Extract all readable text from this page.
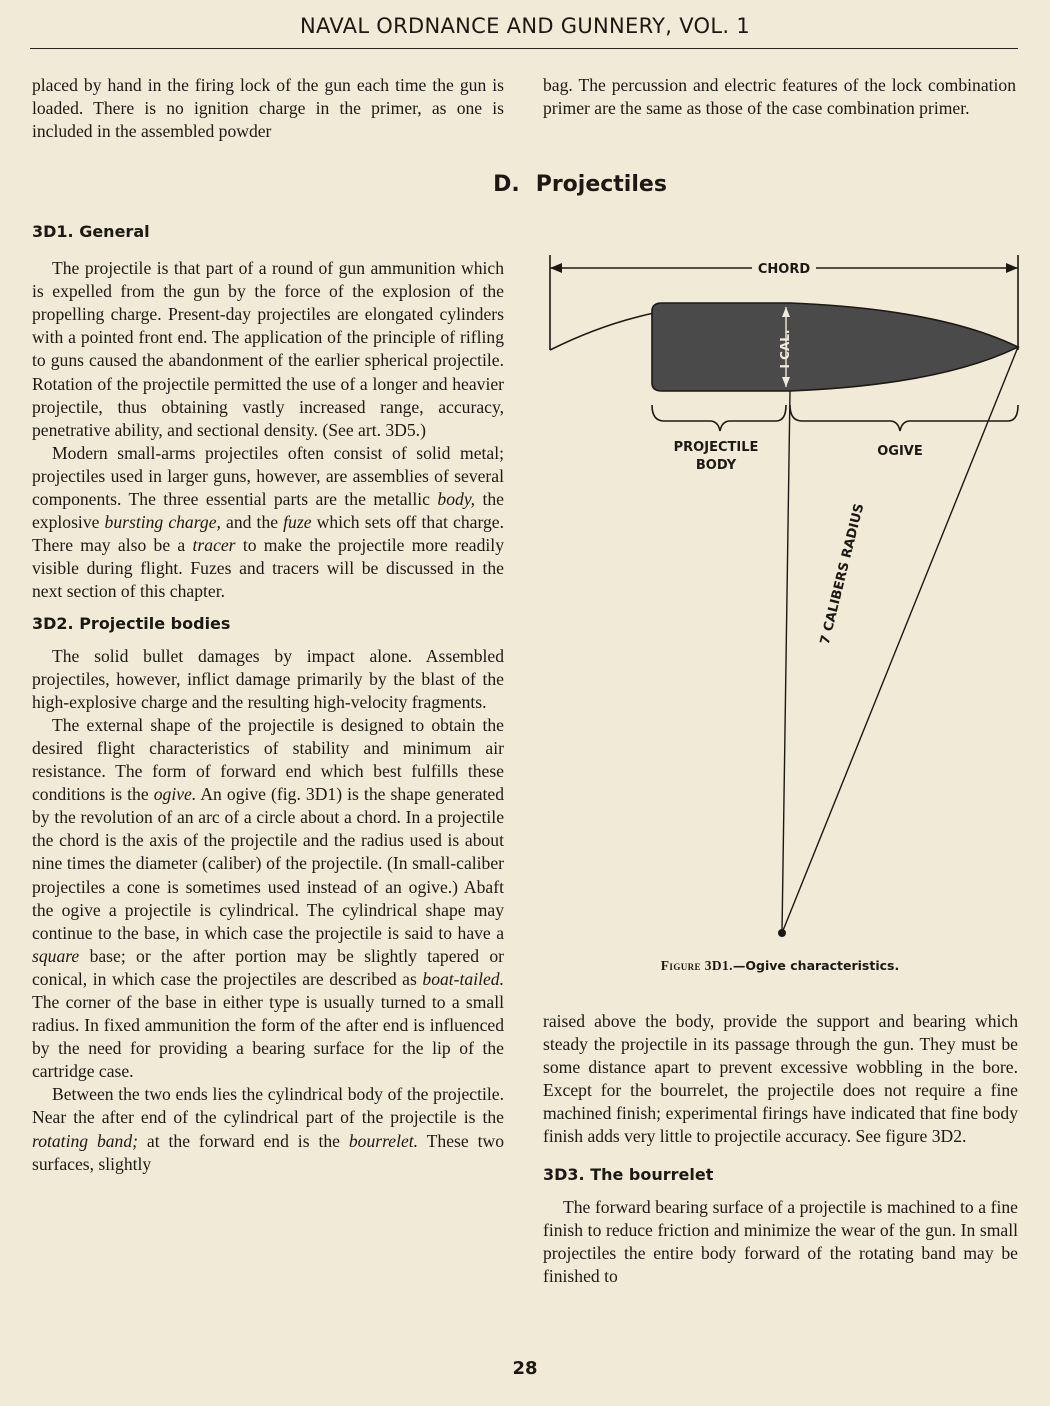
NAVAL ORDNANCE AND GUNNERY, VOL. 1

placed by hand in the firing lock of the gun each time the gun is loaded. There is no ignition charge in the primer, as one is included in the assembled powder

bag. The percussion and electric features of the lock combination primer are the same as those of the case combination primer.

D. Projectiles
3D1. General

The projectile is that part of a round of gun ammunition which is expelled from the gun by the force of the explosion of the propelling charge. Present-day projectiles are elongated cylinders with a pointed front end. The application of the principle of rifling to guns caused the abandonment of the earlier spherical projectile. Rotation of the projectile permitted the use of a longer and heavier projectile, thus obtaining vastly increased range, accuracy, penetrative ability, and sectional density. (See art. 3D5.)

Modern small-arms projectiles often consist of solid metal; projectiles used in larger guns, however, are assemblies of several components. The three essential parts are the metallic body, the explosive bursting charge, and the fuze which sets off that charge. There may also be a tracer to make the projectile more readily visible during flight. Fuzes and tracers will be discussed in the next section of this chapter.

3D2. Projectile bodies

The solid bullet damages by impact alone. Assembled projectiles, however, inflict damage primarily by the blast of the high-explosive charge and the resulting high-velocity fragments.

The external shape of the projectile is designed to obtain the desired flight characteristics of stability and minimum air resistance. The form of forward end which best fulfills these conditions is the ogive. An ogive (fig. 3D1) is the shape generated by the revolution of an arc of a circle about a chord. In a projectile the chord is the axis of the projectile and the radius used is about nine times the diameter (caliber) of the projectile. (In small-caliber projectiles a cone is sometimes used instead of an ogive.) Abaft the ogive a projectile is cylindrical. The cylindrical shape may continue to the base, in which case the projectile is said to have a square base; or the after portion may be slightly tapered or conical, in which case the projectiles are described as boat-tailed. The corner of the base in either type is usually turned to a small radius. In fixed ammunition the form of the after end is influenced by the need for providing a bearing surface for the lip of the cartridge case.

Between the two ends lies the cylindrical body of the projectile. Near the after end of the cylindrical part of the projectile is the rotating band; at the forward end is the bourrelet. These two surfaces, slightly

CHORD
I CAL.
PROJECTILE
BODY
OGIVE
7 CALIBERS RADIUS
Figure 3D1.—Ogive characteristics.

raised above the body, provide the support and bearing which steady the projectile in its passage through the gun. They must be some distance apart to prevent excessive wobbling in the bore. Except for the bourrelet, the projectile does not require a fine machined finish; experimental firings have indicated that fine body finish adds very little to projectile accuracy. See figure 3D2.

3D3. The bourrelet

The forward bearing surface of a projectile is machined to a fine finish to reduce friction and minimize the wear of the gun. In small projectiles the entire body forward of the rotating band may be finished to

28
